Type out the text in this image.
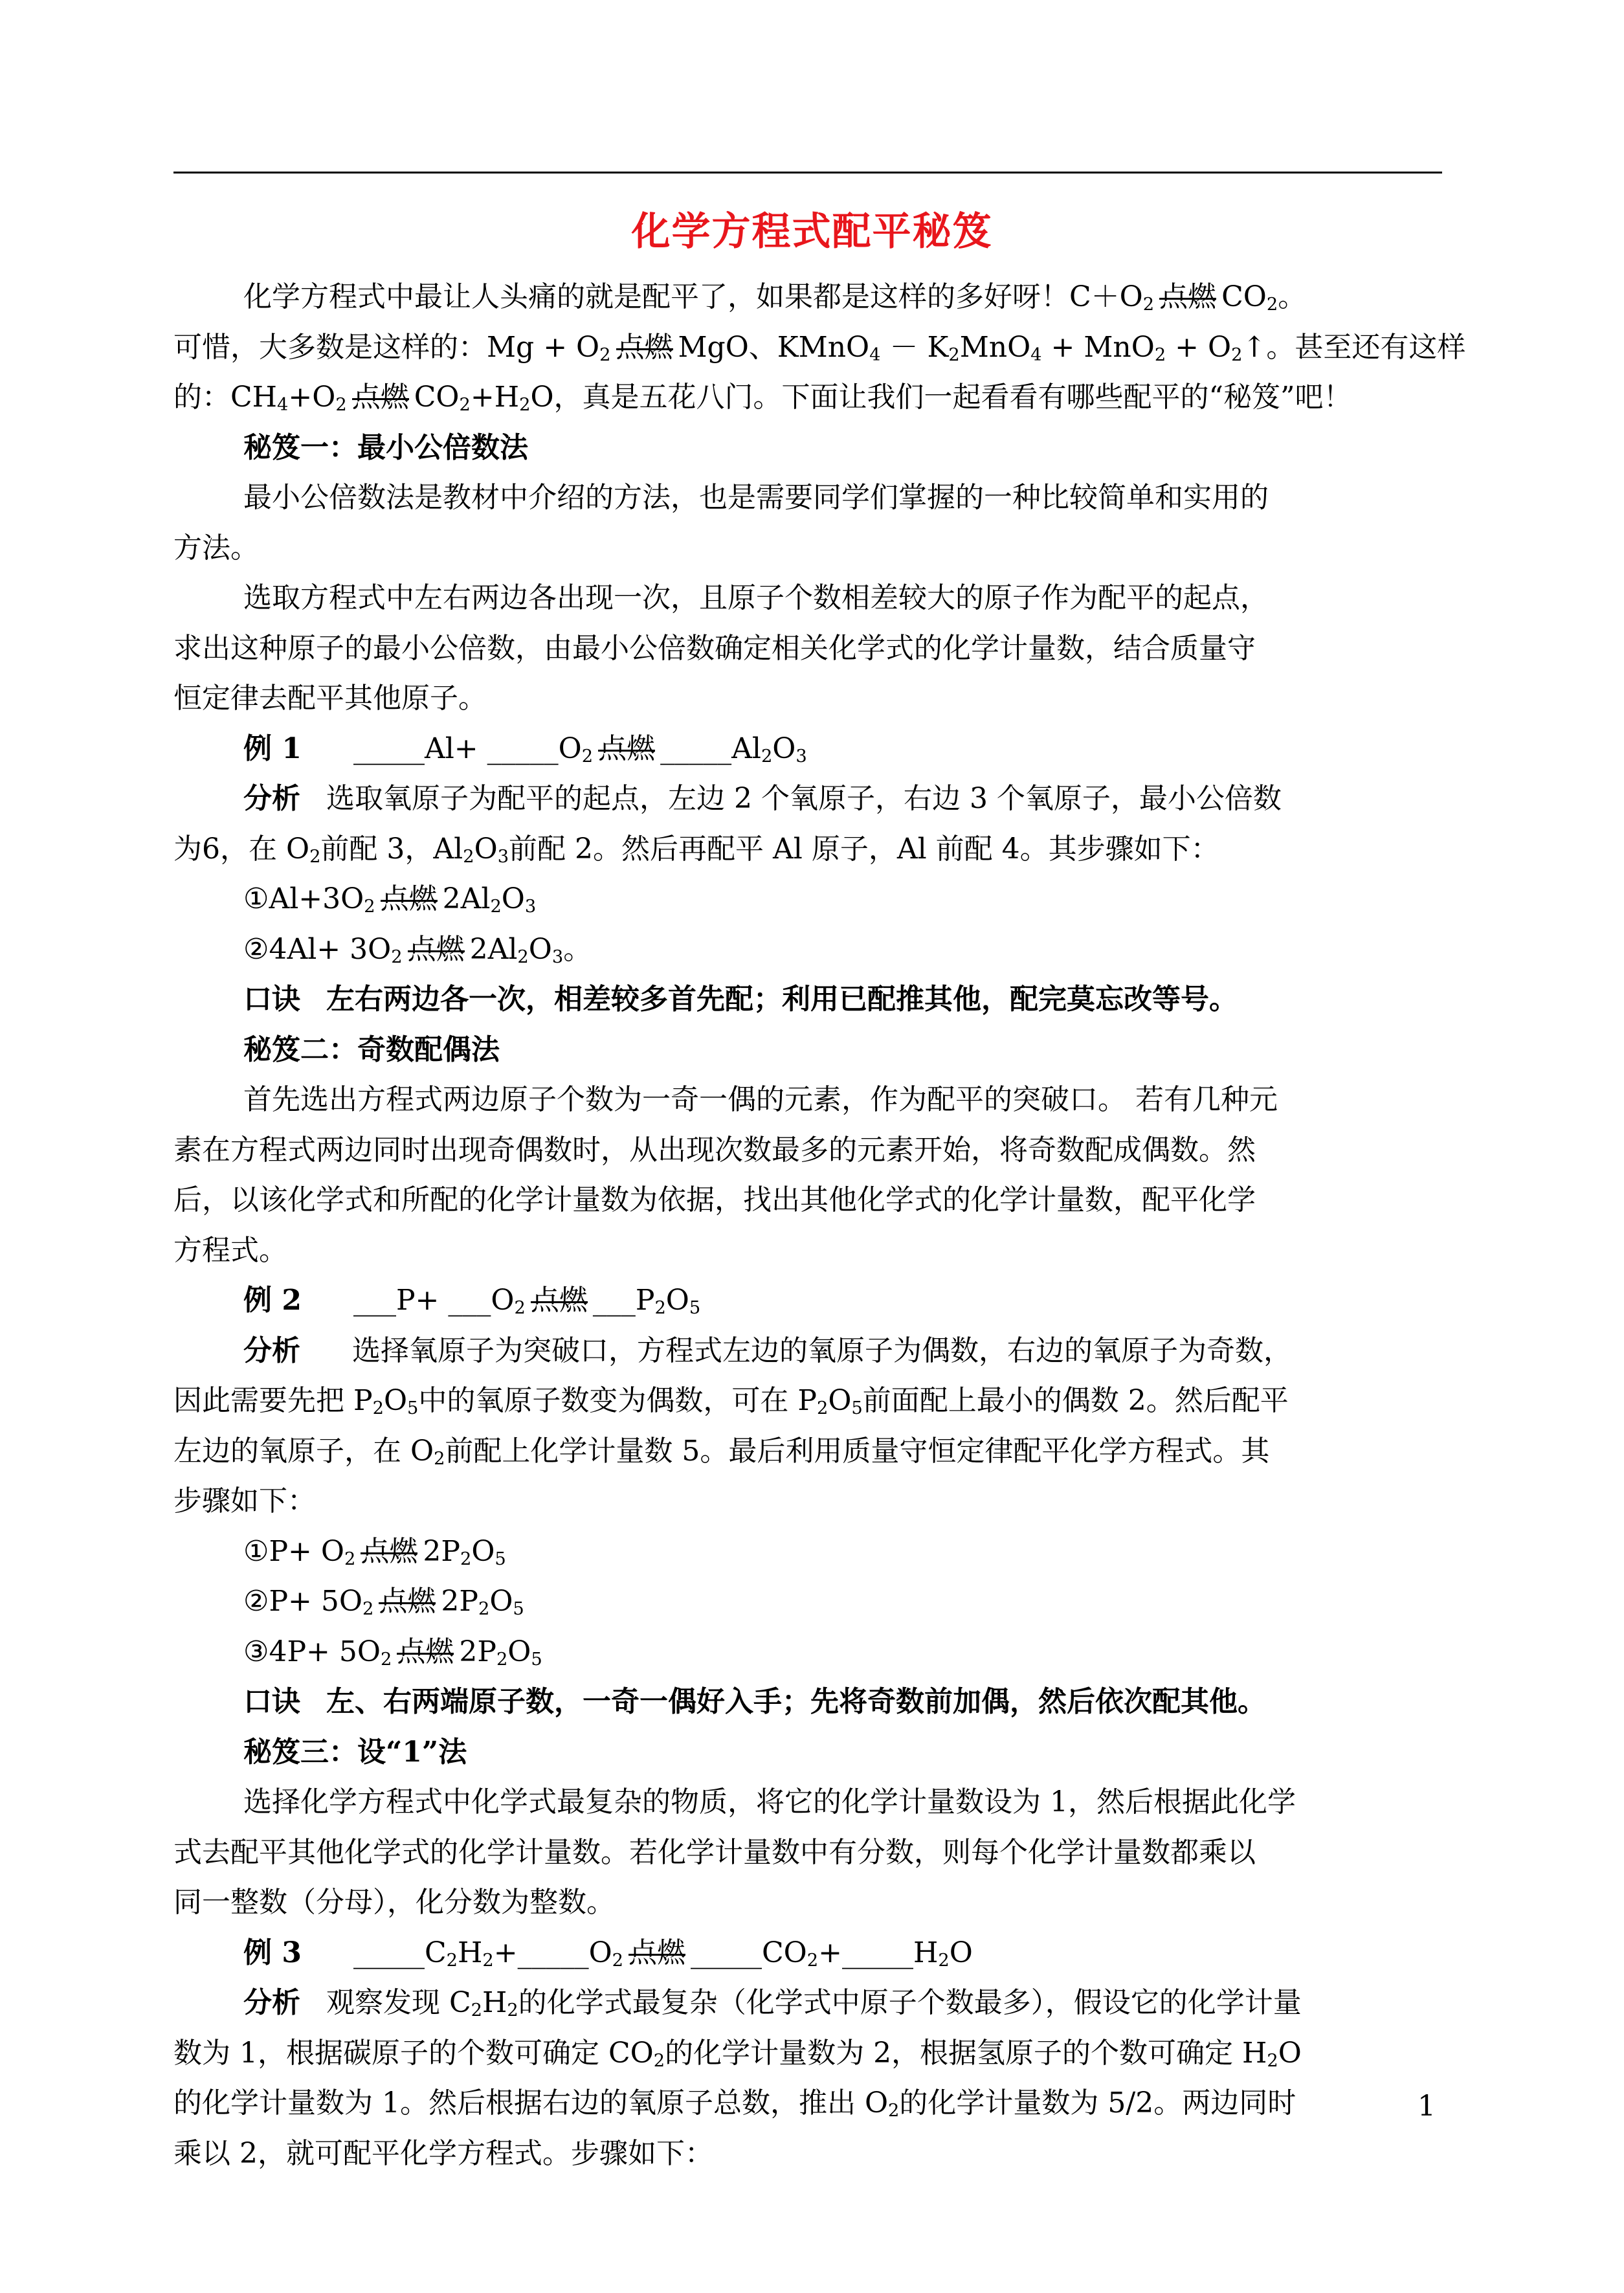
化学方程式配平秘笈
化学方程式中最让人头痛的就是配平了，如果都是这样的多好呀！$C+O_2$ 点燃 $CO_2$。
可惜，大多数是这样的：$Mg + O_2$ 点燃 MgO、KMnO$_4$ － $K_2MnO_4 + MnO_2$ + $O_2↑$。甚至还有这样
的：$CH_4+O_2$ 点燃 $CO_2+H_2O$，真是五花八门。下面让我们一起看看有哪些配平的“秘笈”吧！
秘笈一：最小公倍数法
最小公倍数法是教材中介绍的方法，也是需要同学们掌握的一种比较简单和实用的
方法。
选取方程式中左右两边各出现一次，且原子个数相差较大的原子作为配平的起点，
求出这种原子的最小公倍数，由最小公倍数确定相关化学式的化学计量数，结合质量守
恒定律去配平其他原子。
例 1 _____Al+ $\_\_\_\_\_O_2$ 点燃 $\_\_\_\_\_Al_2O_3$
分析 选取氧原子为配平的起点，左边 2 个氧原子，右边 3 个氧原子，最小公倍数
为6，在 $O_2$前配 3，$Al_2O_3$前配 2。然后再配平 Al 原子，Al 前配 4。其步骤如下：
$①Al+3O_2$ 点燃 $2Al_2O_3$
②4Al+ $3O_2$ 点燃 $2Al_2O_3$。
口诀 左右两边各一次，相差较多首先配；利用已配推其他，配完莫忘改等号。
秘笈二：奇数配偶法
首先选出方程式两边原子个数为一奇一偶的元素，作为配平的突破口。 若有几种元
素在方程式两边同时出现奇偶数时，从出现次数最多的元素开始，将奇数配成偶数。然
后，以该化学式和所配的化学计量数为依据，找出其他化学式的化学计量数，配平化学
方程式。
例 2 ___P+ $\_\_\_O_2$ 点燃 $\_\_\_P_2O_5$
分析 选择氧原子为突破口，方程式左边的氧原子为偶数，右边的氧原子为奇数，
因此需要先把 $P_2O_5$中的氧原子数变为偶数，可在 $P_2O_5$前面配上最小的偶数 2。然后配平
左边的氧原子，在 $O_2$前配上化学计量数 5。最后利用质量守恒定律配平化学方程式。其
步骤如下：
①P+ $O_2$ 点燃 $2P_2O_5$
②P+ $5O_2$ 点燃 $2P_2O_5$
③4P+ $5O_2$ 点燃 $2P_2O_5$
口诀 左、右两端原子数，一奇一偶好入手；先将奇数前加偶，然后依次配其他。
秘笈三：设“1”法
选择化学方程式中化学式最复杂的物质，将它的化学计量数设为 1，然后根据此化学
式去配平其他化学式的化学计量数。若化学计量数中有分数，则每个化学计量数都乘以
同一整数（分母），化分数为整数。
例 3 $\_\_\_\_\_C_2H_2+\_\_\_\_\_O_2$ 点燃 $\_\_\_\_\_CO_2+\_\_\_\_\_H_2O$
分析 观察发现 $C_2H_2$的化学式最复杂（化学式中原子个数最多），假设它的化学计量
数为 1，根据碳原子的个数可确定 $CO_2$的化学计量数为 2，根据氢原子的个数可确定 $H_2O$
的化学计量数为 1。然后根据右边的氧原子总数，推出 $O_2$的化学计量数为 5/2。两边同时
乘以 2，就可配平化学方程式。步骤如下：
1
